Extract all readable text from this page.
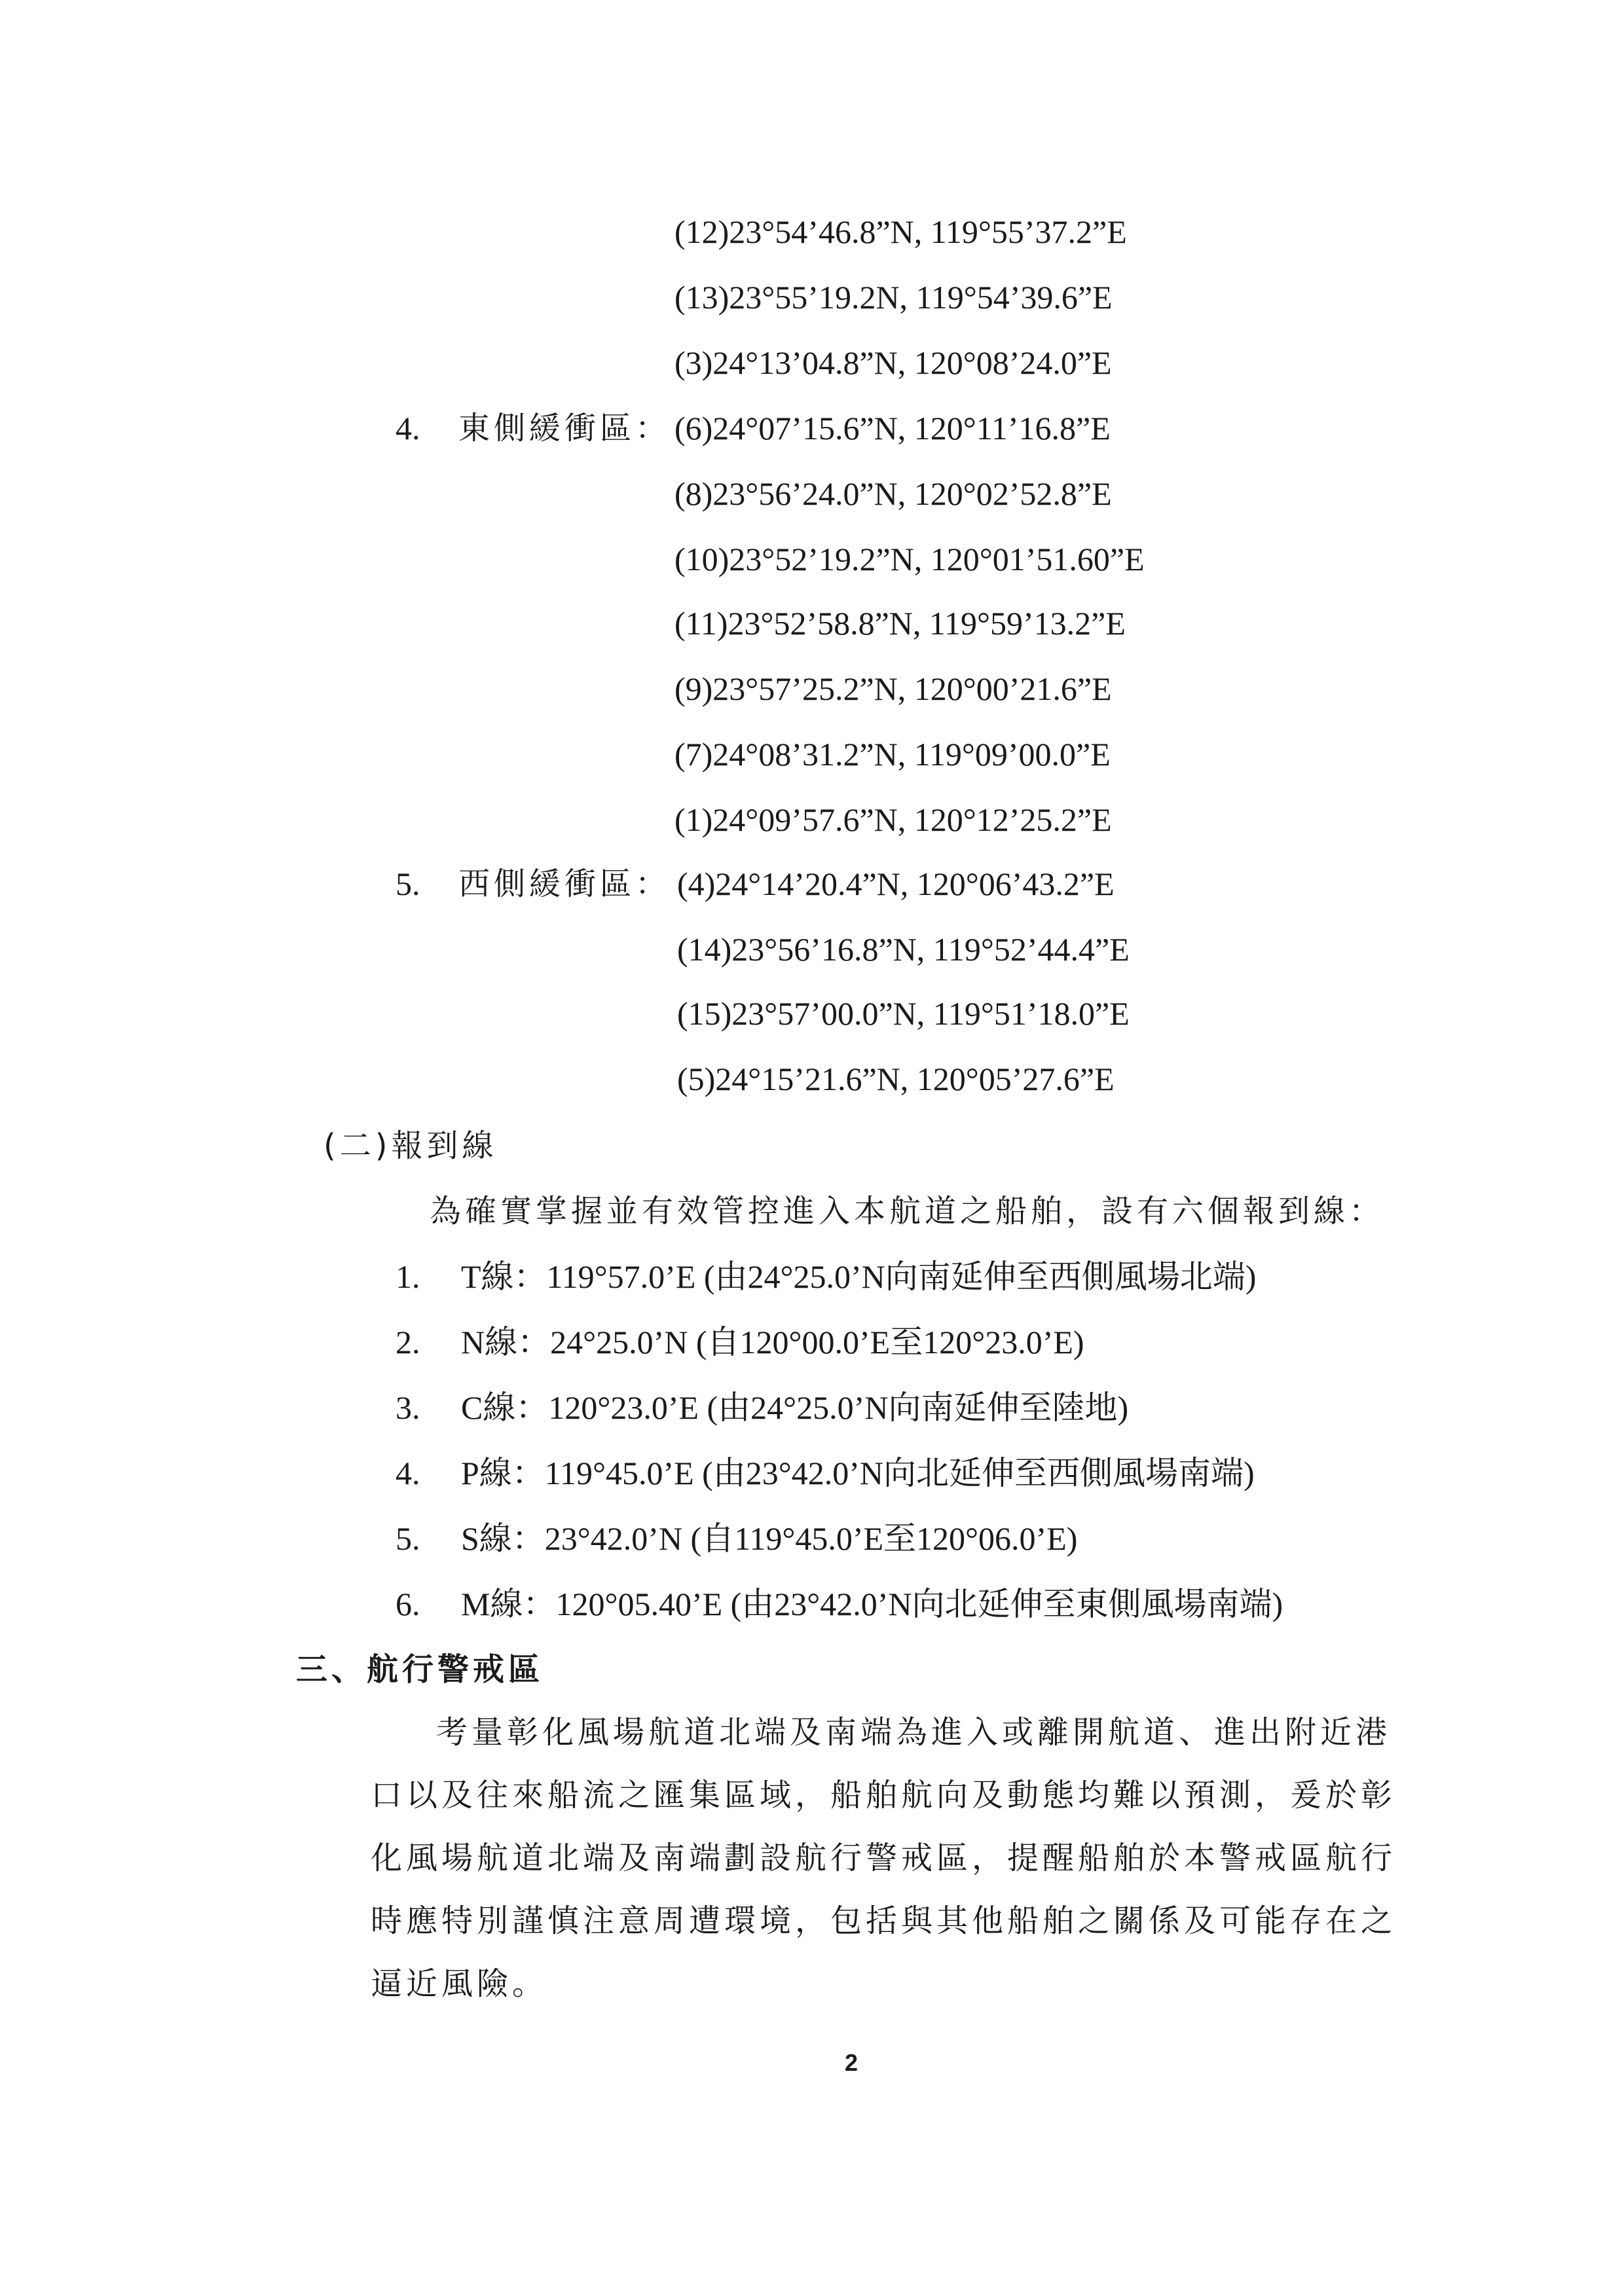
(12)23°54’46.8”N, 119°55’37.2”E
(13)23°55’19.2N, 119°54’39.6”E
(3)24°13’04.8”N, 120°08’24.0”E
4. 東側緩衝區： (6)24°07’15.6”N, 120°11’16.8”E
(8)23°56’24.0”N, 120°02’52.8”E
(10)23°52’19.2”N, 120°01’51.60”E
(11)23°52’58.8”N, 119°59’13.2”E
(9)23°57’25.2”N, 120°00’21.6”E
(7)24°08’31.2”N, 119°09’00.0”E
(1)24°09’57.6”N, 120°12’25.2”E
5. 西側緩衝區： (4)24°14’20.4”N, 120°06’43.2”E
(14)23°56’16.8”N, 119°52’44.4”E
(15)23°57’00.0”N, 119°51’18.0”E
(5)24°15’21.6”N, 120°05’27.6”E
(二)報到線
為確實掌握並有效管控進入本航道之船舶，設有六個報到線：
1. T線：119°57.0’E (由24°25.0’N向南延伸至西側風場北端)
2. N線：24°25.0’N (自120°00.0’E至120°23.0’E)
3. C線：120°23.0’E (由24°25.0’N向南延伸至陸地)
4. P線：119°45.0’E (由23°42.0’N向北延伸至西側風場南端)
5. S線：23°42.0’N (自119°45.0’E至120°06.0’E)
6. M線：120°05.40’E (由23°42.0’N向北延伸至東側風場南端)
三、航行警戒區
考量彰化風場航道北端及南端為進入或離開航道、進出附近港
口以及往來船流之匯集區域，船舶航向及動態均難以預測，爰於彰
化風場航道北端及南端劃設航行警戒區，提醒船舶於本警戒區航行
時應特別謹慎注意周遭環境，包括與其他船舶之關係及可能存在之
逼近風險。
2
